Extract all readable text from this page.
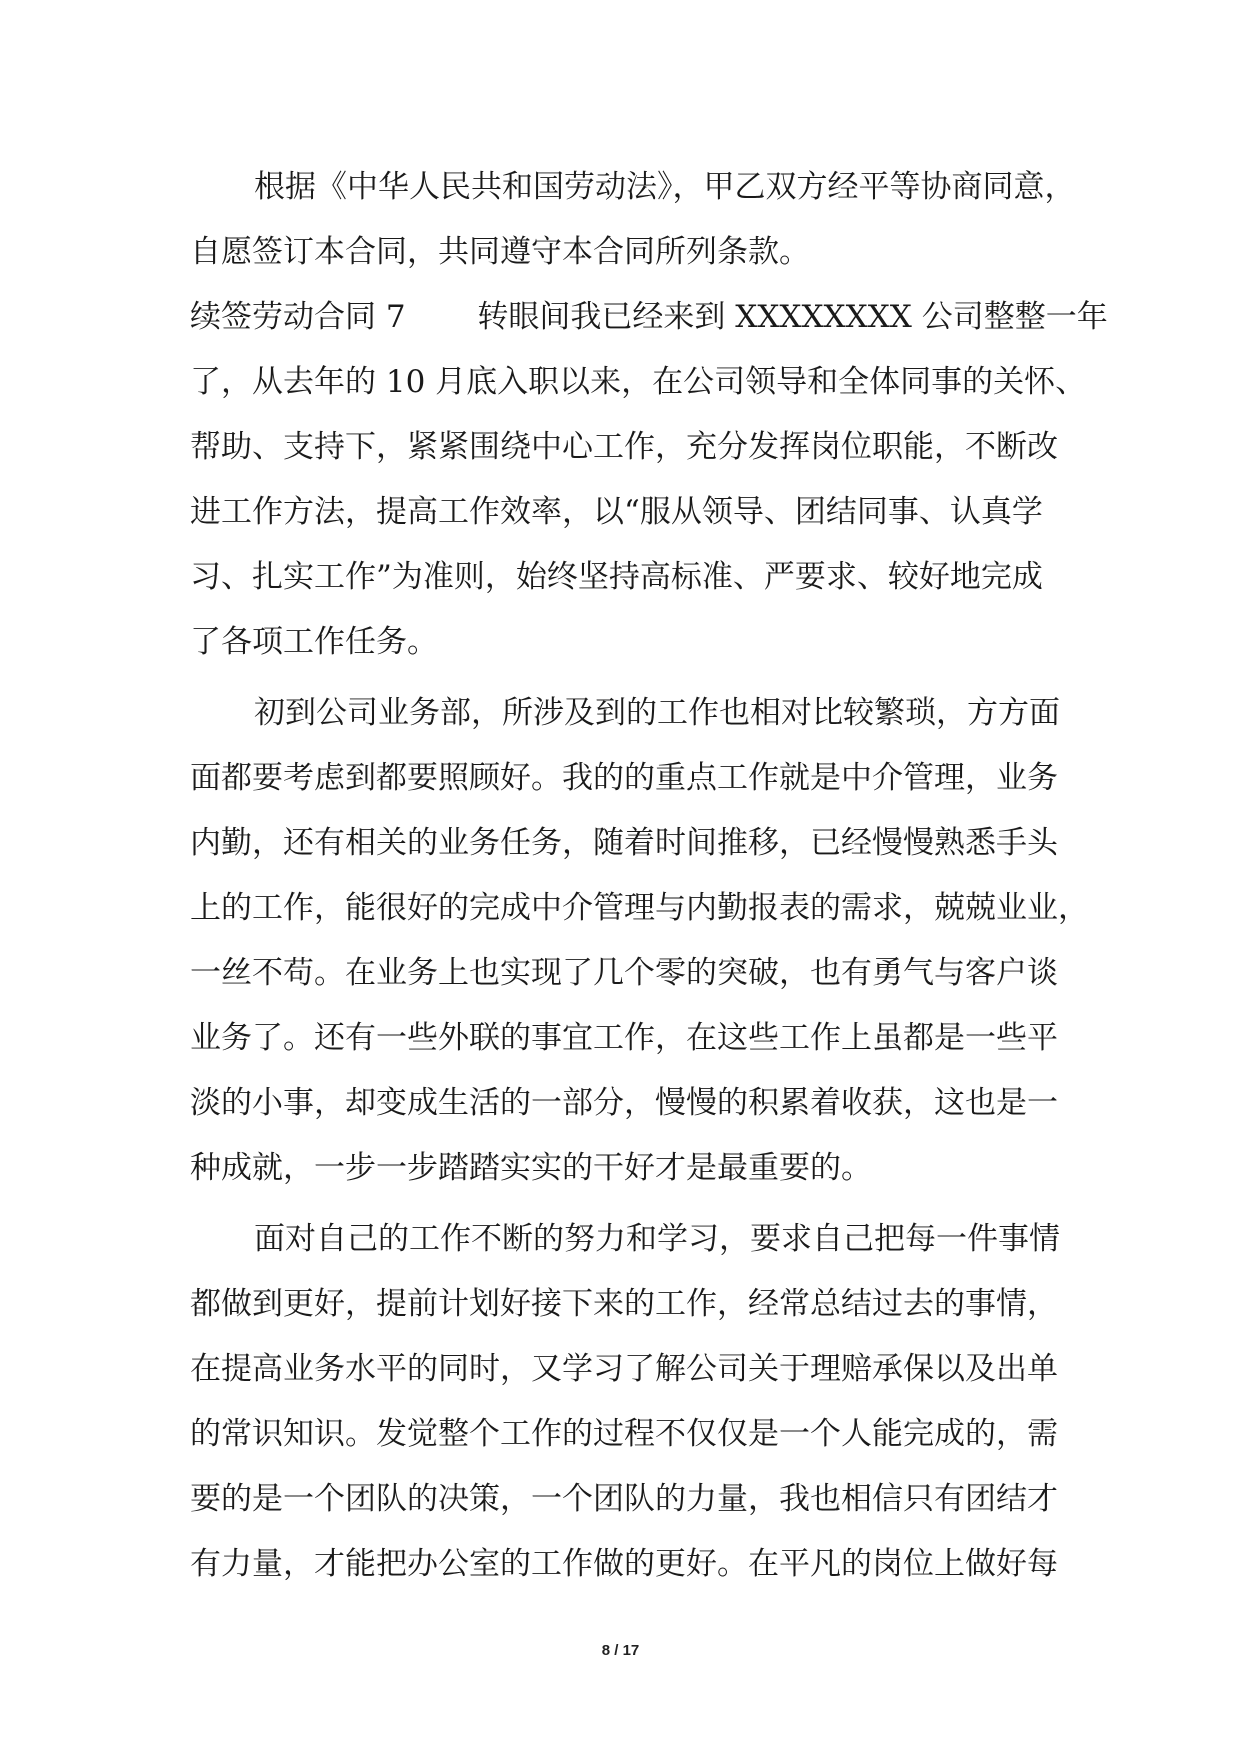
根据《中华人民共和国劳动法》，甲乙双方经平等协商同意，
自愿签订本合同，共同遵守本合同所列条款。
续签劳动合同 7　　 转眼间我已经来到 XXXXXXXX 公司整整一年
了，从去年的 10 月底入职以来，在公司领导和全体同事的关怀、
帮助、支持下，紧紧围绕中心工作，充分发挥岗位职能，不断改
进工作方法，提高工作效率，以“服从领导、团结同事、认真学
习、扎实工作”为准则，始终坚持高标准、严要求、较好地完成
了各项工作任务。
初到公司业务部，所涉及到的工作也相对比较繁琐，方方面
面都要考虑到都要照顾好。我的的重点工作就是中介管理，业务
内勤，还有相关的业务任务，随着时间推移，已经慢慢熟悉手头
上的工作，能很好的完成中介管理与内勤报表的需求，兢兢业业，
一丝不苟。在业务上也实现了几个零的突破，也有勇气与客户谈
业务了。还有一些外联的事宜工作，在这些工作上虽都是一些平
淡的小事，却变成生活的一部分，慢慢的积累着收获，这也是一
种成就，一步一步踏踏实实的干好才是最重要的。
面对自己的工作不断的努力和学习，要求自己把每一件事情
都做到更好，提前计划好接下来的工作，经常总结过去的事情，
在提高业务水平的同时，又学习了解公司关于理赔承保以及出单
的常识知识。发觉整个工作的过程不仅仅是一个人能完成的，需
要的是一个团队的决策，一个团队的力量，我也相信只有团结才
有力量，才能把办公室的工作做的更好。在平凡的岗位上做好每
8 / 17
